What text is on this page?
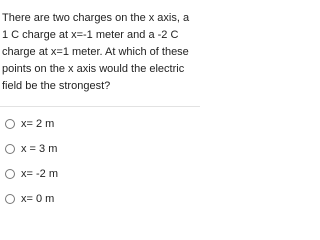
There are two charges on the x axis, a 1 C charge at x=-1 meter and a -2 C charge at x=1 meter. At which of these points on the x axis would the electric field be the strongest?

x= 2 m
x = 3 m
x= -2 m
x= 0 m
